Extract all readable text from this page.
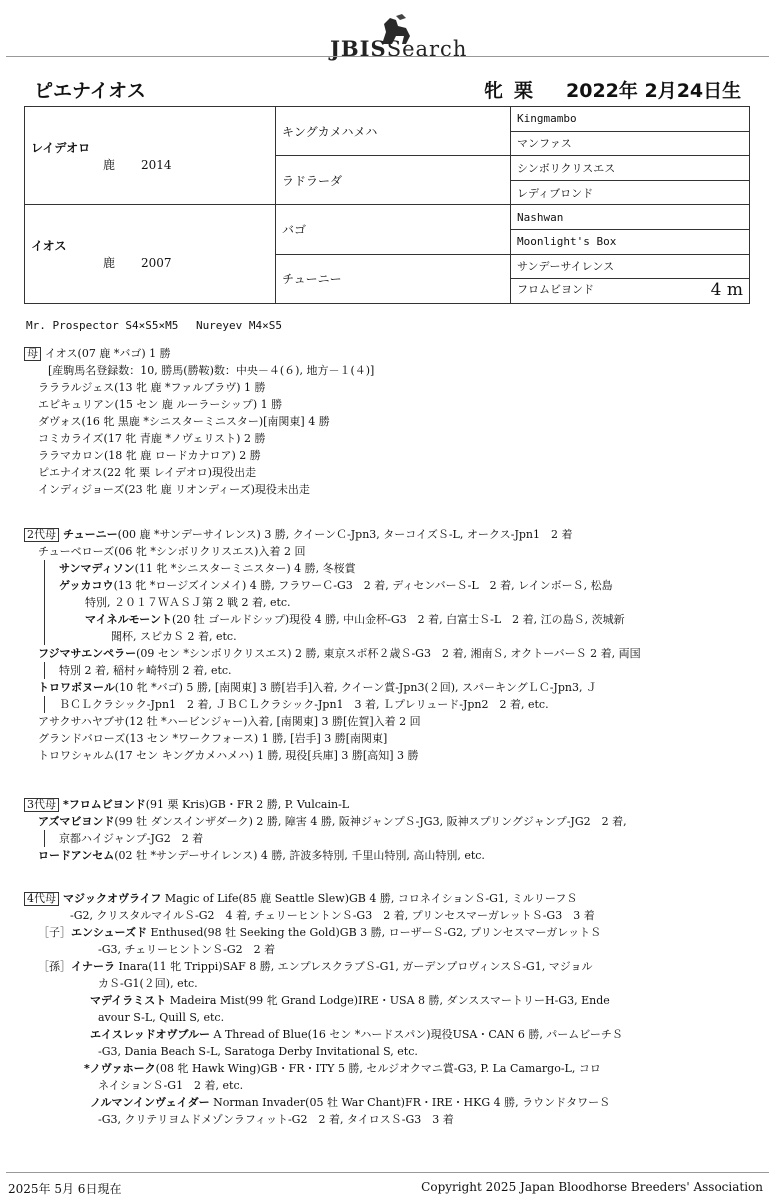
JBISSearch
ピエナイオス	牝 栗 2022年 2月24日生
レイデオロ
鹿 2014	キングカメハメハ	Kingmambo
		マンファス
	ラドラーダ	シンボリクリスエス
		レディブロンド

イオス
鹿 2007	バゴ	Nashwan
		Moonlight's Box
	チューニー	サンデーサイレンス
		フロムビヨンド 4 m
Mr. Prospector S4×S5×M5　 Nureyev M4×S5
母 イオス(07 鹿 *バゴ) 1 勝
[産駒馬名登録数：10, 勝馬(勝鞍)数：中央－４(６), 地方－１(４)]
ラララルジェス(13 牝 鹿 *ファルブラヴ) 1 勝
エピキュリアン(15 セン 鹿 ルーラーシップ) 1 勝
ダヴォス(16 牝 黒鹿 *シニスターミニスター)[南関東] 4 勝
コミカライズ(17 牝 青鹿 *ノヴェリスト) 2 勝
ララマカロン(18 牝 鹿 ロードカナロア) 2 勝
ピエナイオス(22 牝 栗 レイデオロ)現役出走
インディジョーズ(23 牝 鹿 リオンディーズ)現役未出走
2代母 チューニー(00 鹿 *サンデーサイレンス) 3 勝, クイーンＣ-Jpn3, ターコイズＳ-L, オークス-Jpn1　2 着
チューベローズ(06 牝 *シンボリクリスエス)入着 2 回
サンマディソン(11 牝 *シニスターミニスター) 4 勝, 冬桜賞
ゲッカコウ(13 牝 *ロージズインメイ) 4 勝, フラワーＣ-G3　2 着, ディセンバーＳ-L　2 着, レインボーＳ, 松島
特別, ２０１７ＷＡＳＪ第 2 戦 2 着, etc.
マイネルモーント(20 牡 ゴールドシップ)現役 4 勝, 中山金杯-G3　2 着, 白富士Ｓ-L　2 着, 江の島Ｓ, 茨城新
聞杯, スピカＳ 2 着, etc.
フジマサエンペラー(09 セン *シンボリクリスエス) 2 勝, 東京スポ杯２歳Ｓ-G3　2 着, 湘南Ｓ, オクトーバーＳ 2 着, 両国
特別 2 着, 稲村ヶ崎特別 2 着, etc.
トロワボヌール(10 牝 *バゴ) 5 勝, [南関東] 3 勝[岩手]入着, クイーン賞-Jpn3(２回), スパーキングＬＣ-Jpn3, Ｊ
ＢＣＬクラシック-Jpn1　2 着, ＪＢＣＬクラシック-Jpn1　3 着, Ｌプレリュード-Jpn2　2 着, etc.
アサクサハヤブサ(12 牡 *ハービンジャー)入着, [南関東] 3 勝[佐賀]入着 2 回
グランドバローズ(13 セン *ワークフォース) 1 勝, [岩手] 3 勝[南関東]
トロワシャルム(17 セン キングカメハメハ) 1 勝, 現役[兵庫] 3 勝[高知] 3 勝
3代母 *フロムビヨンド(91 栗 Kris)GB・FR 2 勝, P. Vulcain-L
アズマビヨンド(99 牡 ダンスインザダーク) 2 勝, 障害 4 勝, 阪神ジャンプＳ-JG3, 阪神スプリングジャンプ-JG2　2 着,
京都ハイジャンプ-JG2　2 着
ロードアンセム(02 牡 *サンデーサイレンス) 4 勝, 許波多特別, 千里山特別, 高山特別, etc.
4代母 マジックオヴライフ Magic of Life(85 鹿 Seattle Slew)GB 4 勝, コロネイションＳ-G1, ミルリーフＳ
-G2, クリスタルマイルＳ-G2　4 着, チェリーヒントンＳ-G3　2 着, プリンセスマーガレットＳ-G3　3 着
［子］エンシューズド Enthused(98 牡 Seeking the Gold)GB 3 勝, ローザーＳ-G2, プリンセスマーガレットＳ
-G3, チェリーヒントンＳ-G2　2 着
［孫］イナーラ Inara(11 牝 Trippi)SAF 8 勝, エンプレスクラブＳ-G1, ガーデンプロヴィンスＳ-G1, マジョル
カＳ-G1(２回), etc.
マデイラミスト Madeira Mist(99 牝 Grand Lodge)IRE・USA 8 勝, ダンススマートリーH-G3, Ende
avour S-L, Quill S, etc.
エイスレッドオヴブルー A Thread of Blue(16 セン *ハードスパン)現役USA・CAN 6 勝, パームビーチＳ
-G3, Dania Beach S-L, Saratoga Derby Invitational S, etc.
*ノヴァホーク(08 牝 Hawk Wing)GB・FR・ITY 5 勝, セルジオクマニ賞-G3, P. La Camargo-L, コロ
ネイションＳ-G1　2 着, etc.
ノルマンインヴェイダー Norman Invader(05 牡 War Chant)FR・IRE・HKG 4 勝, ラウンドタワーＳ
-G3, クリテリヨムドメゾンラフィット-G2　2 着, タイロスＳ-G3　3 着
2025年 5月 6日現在	Copyright 2025 Japan Bloodhorse Breeders' Association
